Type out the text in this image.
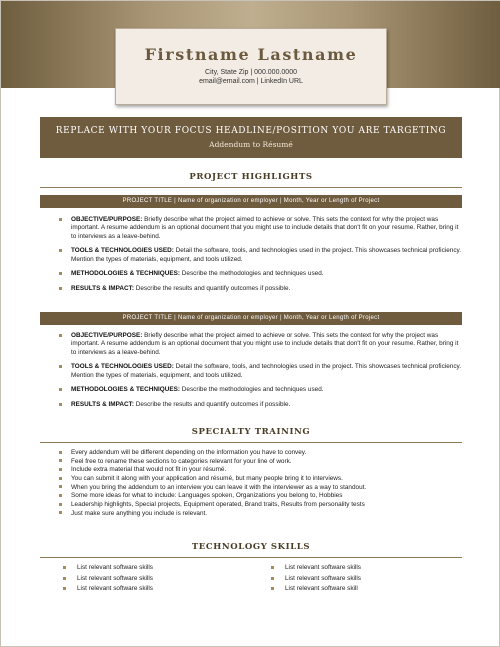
Firstname Lastname
City, State Zip | 000.000.0000
email@email.com | LinkedIn URL
REPLACE WITH YOUR FOCUS HEADLINE/POSITION YOU ARE TARGETING
Addendum to Résumé
PROJECT HIGHLIGHTS
PROJECT TITLE | Name of organization or employer | Month, Year or Length of Project
OBJECTIVE/PURPOSE: Briefly describe what the project aimed to achieve or solve. This sets the context for why the project was important. A resume addendum is an optional document that you might use to include details that don't fit on your resume. Rather, bring it to interviews as a leave-behind.
TOOLS & TECHNOLOGIES USED: Detail the software, tools, and technologies used in the project. This showcases technical proficiency. Mention the types of materials, equipment, and tools utilized.
METHODOLOGIES & TECHNIQUES: Describe the methodologies and techniques used.
RESULTS & IMPACT: Describe the results and quantify outcomes if possible.
PROJECT TITLE | Name of organization or employer | Month, Year or Length of Project
OBJECTIVE/PURPOSE: Briefly describe what the project aimed to achieve or solve. This sets the context for why the project was important. A resume addendum is an optional document that you might use to include details that don't fit on your resume. Rather, bring it to interviews as a leave-behind.
TOOLS & TECHNOLOGIES USED: Detail the software, tools, and technologies used in the project. This showcases technical proficiency. Mention the types of materials, equipment, and tools utilized.
METHODOLOGIES & TECHNIQUES: Describe the methodologies and techniques used.
RESULTS & IMPACT: Describe the results and quantify outcomes if possible.
SPECIALTY TRAINING
Every addendum will be different depending on the information you have to convey.
Feel free to rename these sections to categories relevant for your line of work.
Include extra material that would not fit in your résumé.
You can submit it along with your application and résumé, but many people bring it to interviews.
When you bring the addendum to an interview you can leave it with the interviewer as a way to standout.
Some more ideas for what to include: Languages spoken, Organizations you belong to, Hobbies
Leadership highlights, Special projects, Equipment operated, Brand traits, Results from personality tests
Just make sure anything you include is relevant.
TECHNOLOGY SKILLS
List relevant software skills
List relevant software skills
List relevant software skills
List relevant software skills
List relevant software skills
List relevant software skill
